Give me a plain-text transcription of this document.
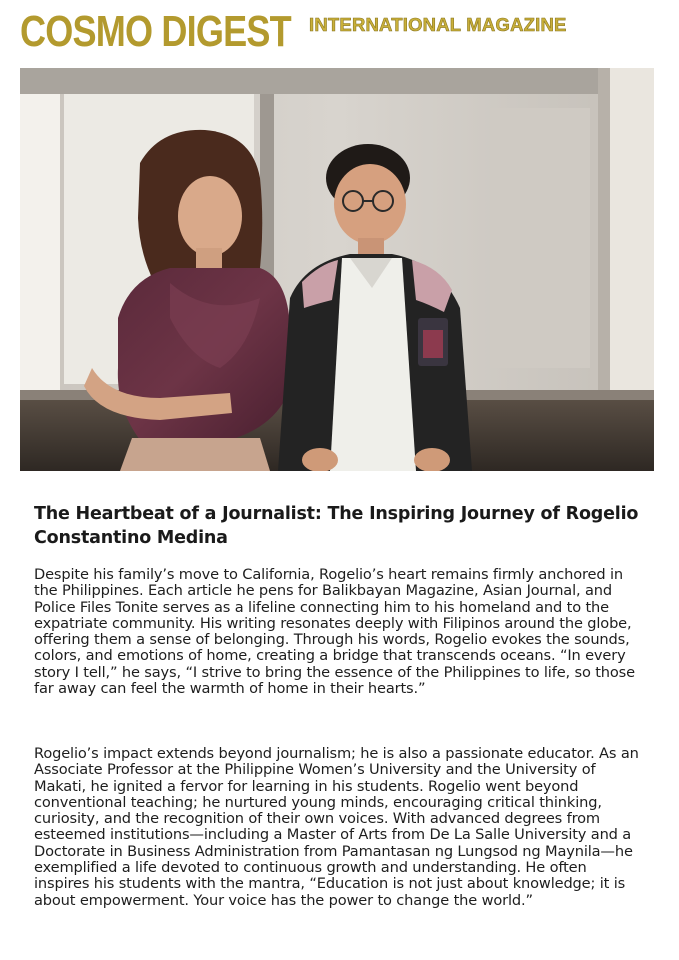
COSMO DIGEST INTERNATIONAL MAGAZINE
The Heartbeat of a Journalist: The Inspiring Journey of Rogelio Constantino Medina

Despite his family’s move to California, Rogelio’s heart remains firmly anchored in the Philippines. Each article he pens for Balikbayan Magazine, Asian Journal, and Police Files Tonite serves as a lifeline connecting him to his homeland and to the expatriate community. His writing resonates deeply with Filipinos around the globe, offering them a sense of belonging. Through his words, Rogelio evokes the sounds, colors, and emotions of home, creating a bridge that transcends oceans. “In every story I tell,” he says, “I strive to bring the essence of the Philippines to life, so those far away can feel the warmth of home in their hearts.”

Rogelio’s impact extends beyond journalism; he is also a passionate educator. As an Associate Professor at the Philippine Women’s University and the University of Makati, he ignited a fervor for learning in his students. Rogelio went beyond conventional teaching; he nurtured young minds, encouraging critical thinking, curiosity, and the recognition of their own voices. With advanced degrees from esteemed institutions—including a Master of Arts from De La Salle University and a Doctorate in Business Administration from Pamantasan ng Lungsod ng Maynila—he exemplified a life devoted to continuous growth and understanding. He often inspires his students with the mantra, “Education is not just about knowledge; it is about empowerment. Your voice has the power to change the world.”
